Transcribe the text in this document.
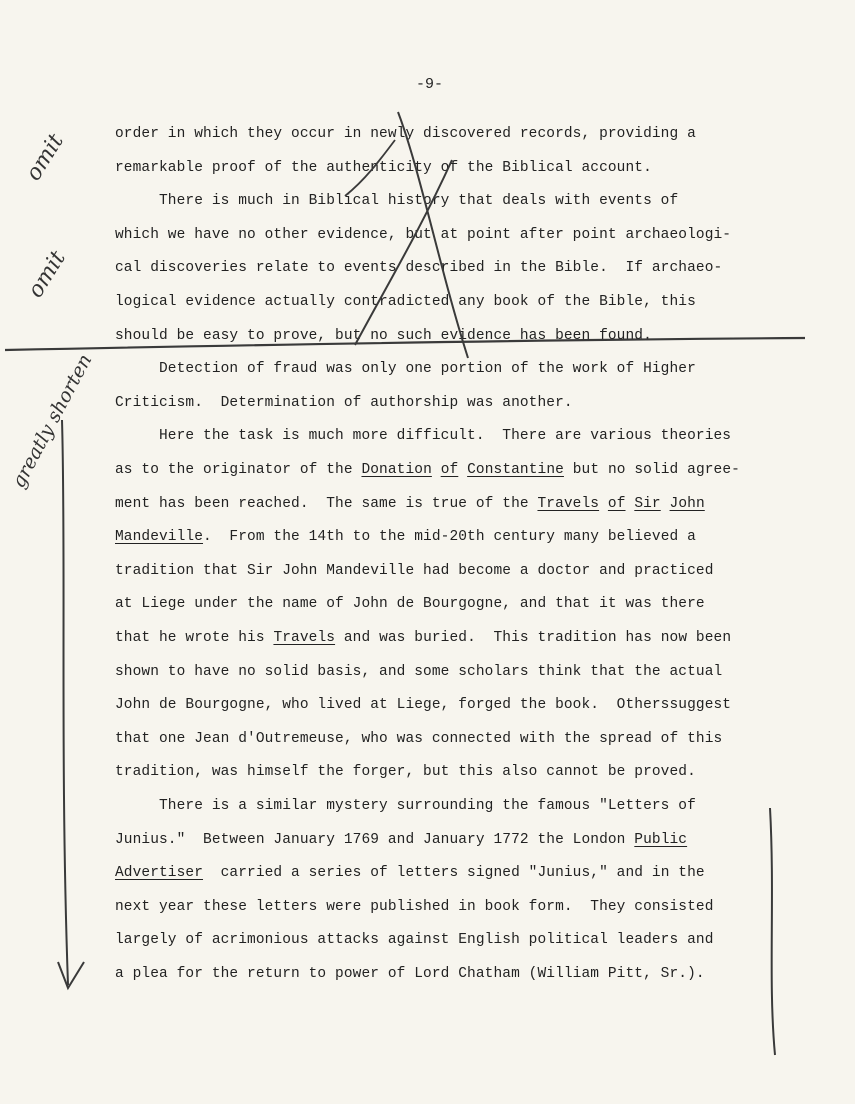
-9-
order in which they occur in newly discovered records, providing a
remarkable proof of the authenticity of the Biblical account.
There is much in Biblical history that deals with events of
which we have no other evidence, but at point after point archaeologi-
cal discoveries relate to events described in the Bible.  If archaeo-
logical evidence actually contradicted any book of the Bible, this
should be easy to prove, but no such evidence has been found.
Detection of fraud was only one portion of the work of Higher
Criticism.  Determination of authorship was another.
Here the task is much more difficult.  There are various theories
as to the originator of the Donation of Constantine but no solid agree-
ment has been reached.  The same is true of the Travels of Sir John
Mandeville.  From the 14th to the mid-20th century many believed a
tradition that Sir John Mandeville had become a doctor and practiced
at Liege under the name of John de Bourgogne, and that it was there
that he wrote his Travels and was buried.  This tradition has now been
shown to have no solid basis, and some scholars think that the actual
John de Bourgogne, who lived at Liege, forged the book.  Otherssuggest
that one Jean d'Outremeuse, who was connected with the spread of this
tradition, was himself the forger, but this also cannot be proved.
There is a similar mystery surrounding the famous "Letters of
Junius."  Between January 1769 and January 1772 the London Public
Advertiser  carried a series of letters signed "Junius," and in the
next year these letters were published in book form.  They consisted
largely of acrimonious attacks against English political leaders and
a plea for the return to power of Lord Chatham (William Pitt, Sr.).
omit
omit
greatly shorten
